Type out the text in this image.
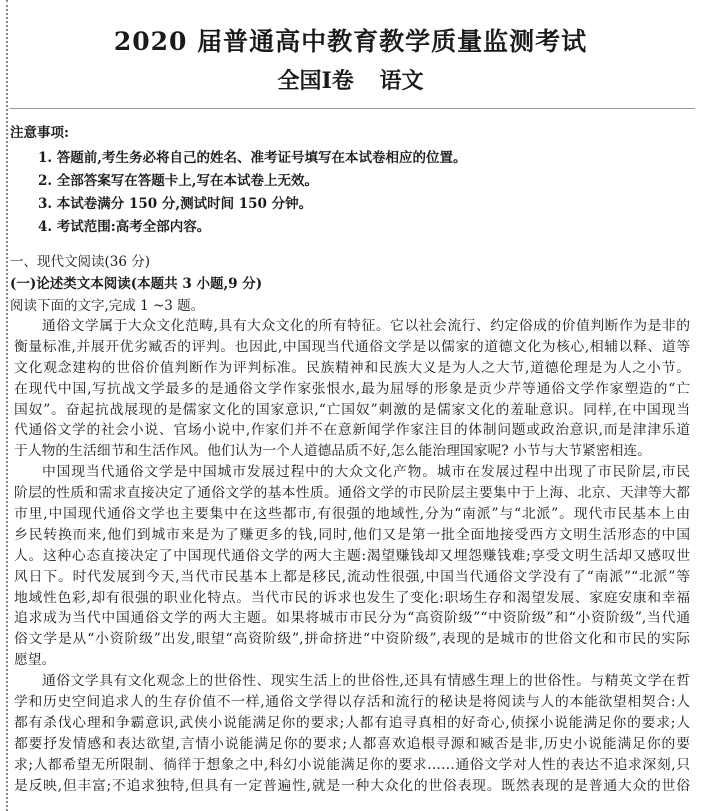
2020 届普通高中教育教学质量监测考试
全国Ⅰ卷 语文
注意事项:
1. 答题前,考生务必将自己的姓名、准考证号填写在本试卷相应的位置。
2. 全部答案写在答题卡上,写在本试卷上无效。
3. 本试卷满分 150 分,测试时间 150 分钟。
4. 考试范围:高考全部内容。
一、现代文阅读(36 分)
(一)论述类文本阅读(本题共 3 小题,9 分)
阅读下面的文字,完成 1 ~3 题。
通俗文学属于大众文化范畴,具有大众文化的所有特征。它以社会流行、约定俗成的价值判断作为是非的
衡量标准,并展开优劣臧否的评判。也因此,中国现当代通俗文学是以儒家的道德文化为核心,相辅以释、道等
文化观念建构的世俗价值判断作为评判标准。民族精神和民族大义是为人之大节,道德伦理是为人之小节。
在现代中国,写抗战文学最多的是通俗文学作家张恨水,最为屈辱的形象是贡少芹等通俗文学作家塑造的“亡
国奴”。奋起抗战展现的是儒家文化的国家意识,“亡国奴”刺激的是儒家文化的羞耻意识。同样,在中国现当
代通俗文学的社会小说、官场小说中,作家们并不在意新闻学作家注目的体制问题或政治意识,而是津津乐道
于人物的生活细节和生活作风。他们认为一个人道德品质不好,怎么能治理国家呢? 小节与大节紧密相连。
中国现当代通俗文学是中国城市发展过程中的大众文化产物。城市在发展过程中出现了市民阶层,市民
阶层的性质和需求直接决定了通俗文学的基本性质。通俗文学的市民阶层主要集中于上海、北京、天津等大都
市里,中国现代通俗文学也主要集中在这些都市,有很强的地域性,分为“南派”与“北派”。现代市民基本上由
乡民转换而来,他们到城市来是为了赚更多的钱,同时,他们又是第一批全面地接受西方文明生活形态的中国
人。这种心态直接决定了中国现代通俗文学的两大主题:渴望赚钱却又埋怨赚钱难;享受文明生活却又感叹世
风日下。时代发展到今天,当代市民基本上都是移民,流动性很强,中国当代通俗文学没有了“南派”“北派”等
地域性色彩,却有很强的职业化特点。当代市民的诉求也发生了变化:职场生存和渴望发展、家庭安康和幸福
追求成为当代中国通俗文学的两大主题。如果将城市市民分为“高资阶级”“中资阶级”和“小资阶级”,当代通
俗文学是从“小资阶级”出发,眼望“高资阶级”,拼命挤进“中资阶级”,表现的是城市的世俗文化和市民的实际
愿望。
通俗文学具有文化观念上的世俗性、现实生活上的世俗性,还具有情感生理上的世俗性。与精英文学在哲
学和历史空间追求人的生存价值不一样,通俗文学得以存活和流行的秘诀是将阅读与人的本能欲望相契合:人
都有杀伐心理和争霸意识,武侠小说能满足你的要求;人都有追寻真相的好奇心,侦探小说能满足你的要求;人
都要抒发情感和表达欲望,言情小说能满足你的要求;人都喜欢追根寻源和臧否是非,历史小说能满足你的要
求;人都希望无所限制、徜徉于想象之中,科幻小说能满足你的要求……通俗文学对人性的表达不追求深刻,只
是反映,但丰富;不追求独特,但具有一定普遍性,就是一种大众化的世俗表现。既然表现的是普通大众的世俗
